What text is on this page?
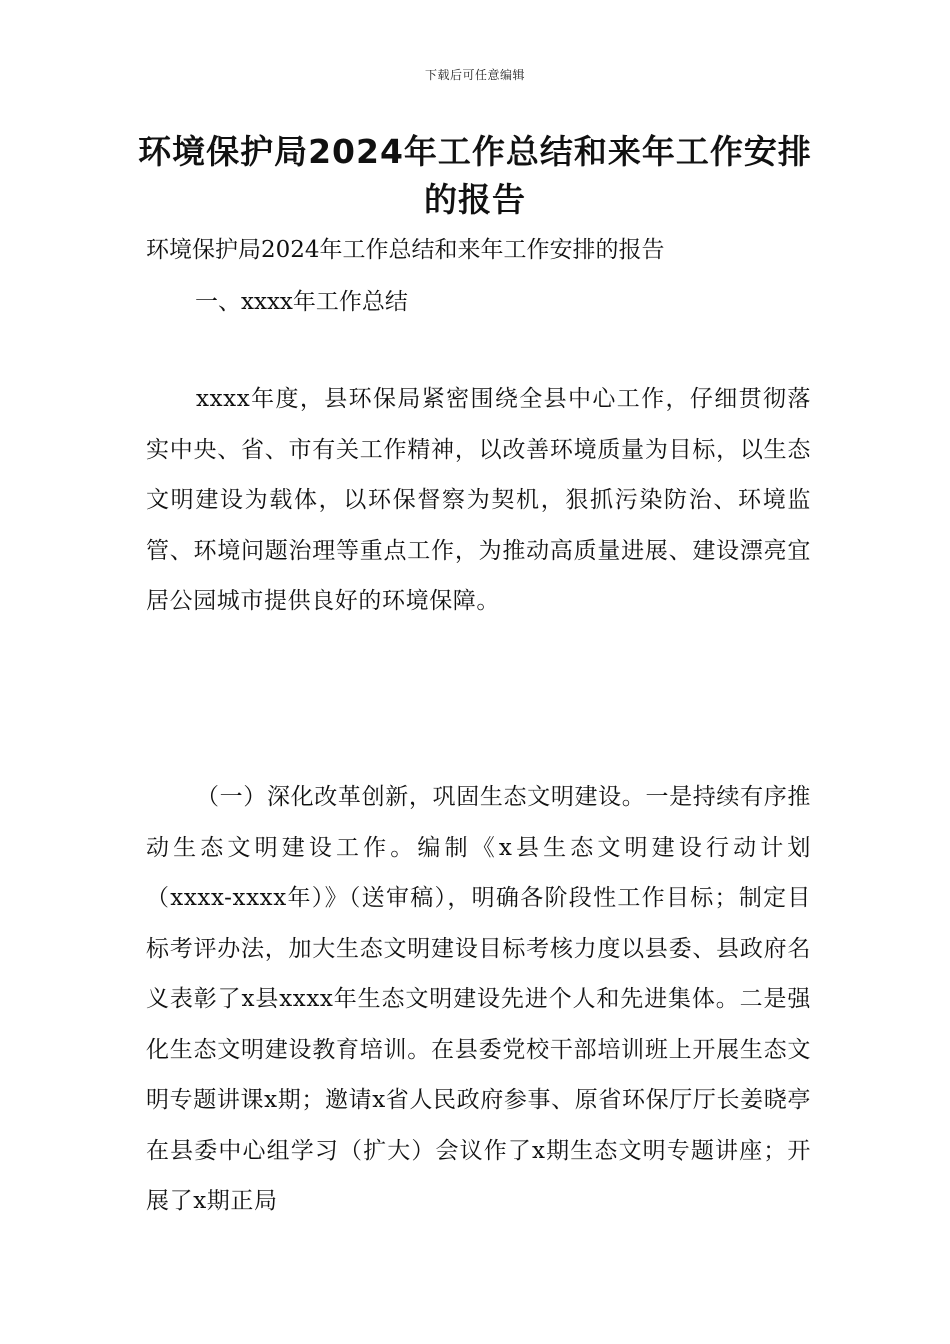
下载后可任意编辑
环境保护局2024年工作总结和来年工作安排的报告
环境保护局2024年工作总结和来年工作安排的报告
一、xxxx年工作总结

xxxx年度，县环保局紧密围绕全县中心工作，仔细贯彻落实中央、省、市有关工作精神，以改善环境质量为目标，以生态文明建设为载体，以环保督察为契机，狠抓污染防治、环境监管、环境问题治理等重点工作，为推动高质量进展、建设漂亮宜居公园城市提供良好的环境保障。

（一）深化改革创新，巩固生态文明建设。一是持续有序推动生态文明建设工作。编制《x县生态文明建设行动计划（xxxx-xxxx年）》（送审稿），明确各阶段性工作目标；制定目标考评办法，加大生态文明建设目标考核力度以县委、县政府名义表彰了x县xxxx年生态文明建设先进个人和先进集体。二是强化生态文明建设教育培训。在县委党校干部培训班上开展生态文明专题讲课x期；邀请x省人民政府参事、原省环保厅厅长姜晓亭在县委中心组学习（扩大）会议作了x期生态文明专题讲座；开展了x期正局
